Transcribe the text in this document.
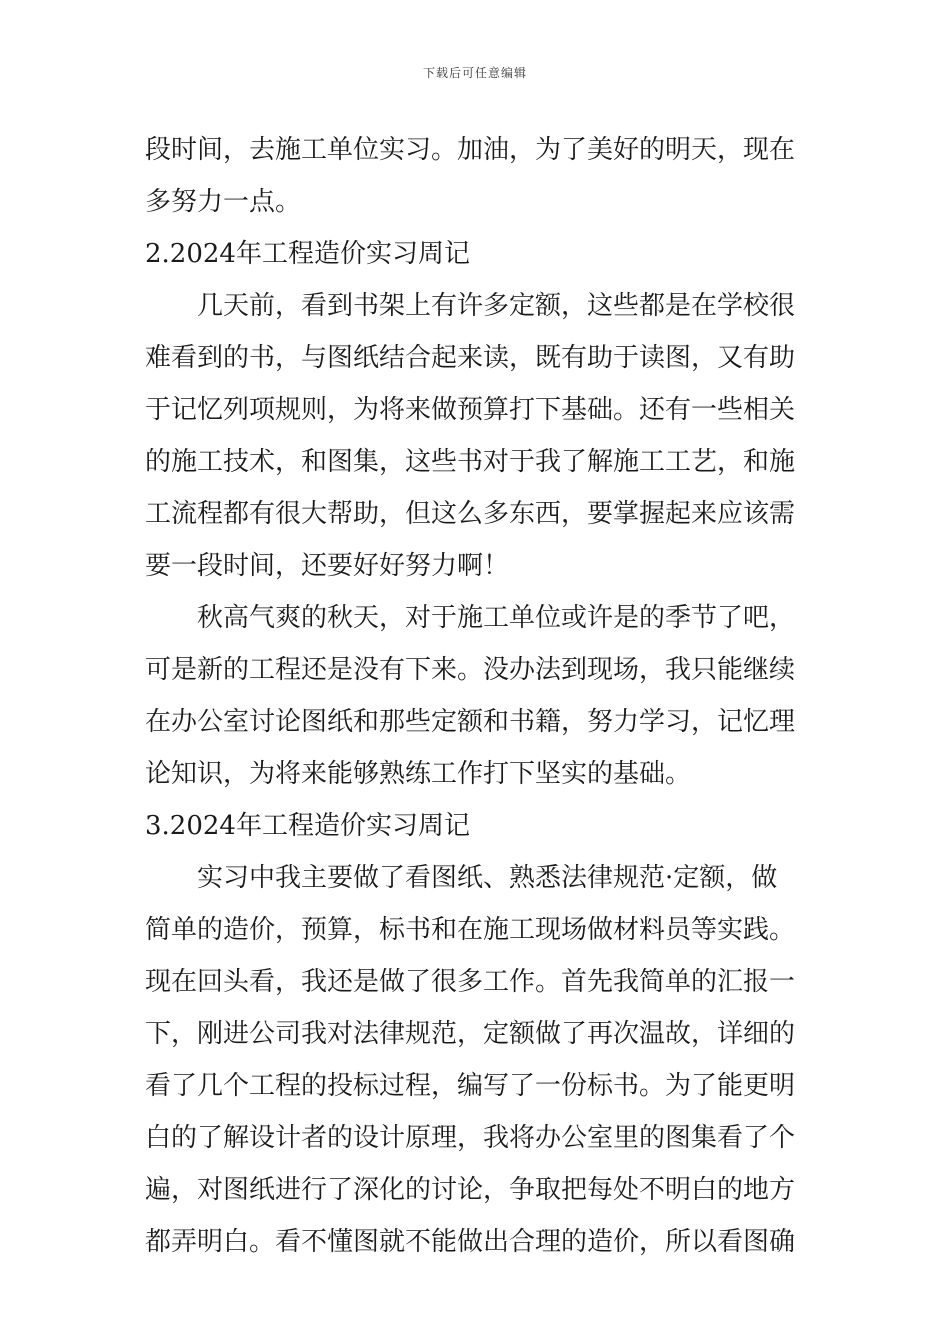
下载后可任意编辑
段时间，去施工单位实习。加油，为了美好的明天，现在
多努力一点。
2.2024年工程造价实习周记
几天前，看到书架上有许多定额，这些都是在学校很
难看到的书，与图纸结合起来读，既有助于读图，又有助
于记忆列项规则，为将来做预算打下基础。还有一些相关
的施工技术，和图集，这些书对于我了解施工工艺，和施
工流程都有很大帮助，但这么多东西，要掌握起来应该需
要一段时间，还要好好努力啊！
秋高气爽的秋天，对于施工单位或许是的季节了吧，
可是新的工程还是没有下来。没办法到现场，我只能继续
在办公室讨论图纸和那些定额和书籍，努力学习，记忆理
论知识，为将来能够熟练工作打下坚实的基础。
3.2024年工程造价实习周记
实习中我主要做了看图纸、熟悉法律规范·定额，做
简单的造价，预算，标书和在施工现场做材料员等实践。
现在回头看，我还是做了很多工作。首先我简单的汇报一
下，刚进公司我对法律规范，定额做了再次温故，详细的
看了几个工程的投标过程，编写了一份标书。为了能更明
白的了解设计者的设计原理，我将办公室里的图集看了个
遍，对图纸进行了深化的讨论，争取把每处不明白的地方
都弄明白。看不懂图就不能做出合理的造价，所以看图确
